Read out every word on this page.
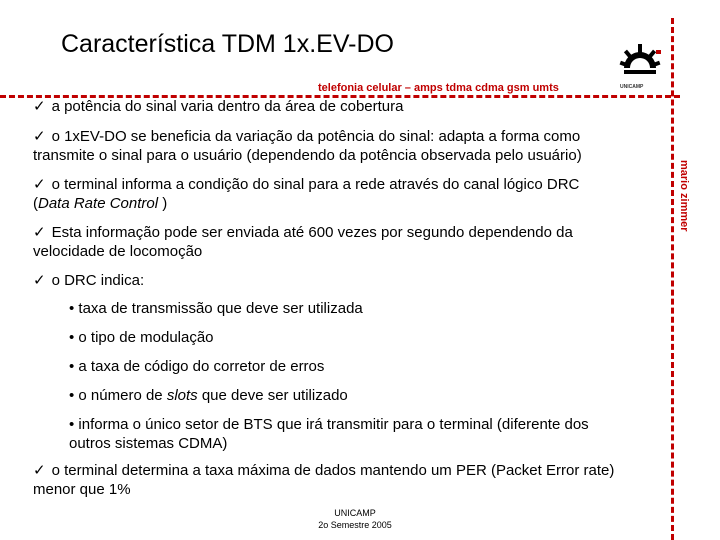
Característica TDM 1x.EV-DO
telefonia celular – amps tdma cdma gsm umts
mario zimmer
UNICAMP
✓ a potência do sinal varia dentro da área de cobertura
✓ o 1xEV-DO se beneficia da variação da potência do sinal: adapta a forma como
transmite o sinal para o usuário (dependendo da potência observada pelo usuário)
✓ o terminal informa a condição do sinal para a rede através do canal lógico DRC
(Data Rate Control )
✓ Esta informação pode ser enviada até 600 vezes por segundo dependendo da
velocidade de locomoção
✓ o DRC indica:
• taxa de transmissão que deve ser utilizada
• o tipo de modulação
• a taxa de código do corretor de erros
• o número de slots que deve ser utilizado
• informa o único setor de BTS que irá transmitir para o terminal (diferente dos
outros sistemas CDMA)
✓ o terminal determina a taxa máxima de dados mantendo um PER (Packet Error rate)
menor que 1%
UNICAMP
2o Semestre 2005
